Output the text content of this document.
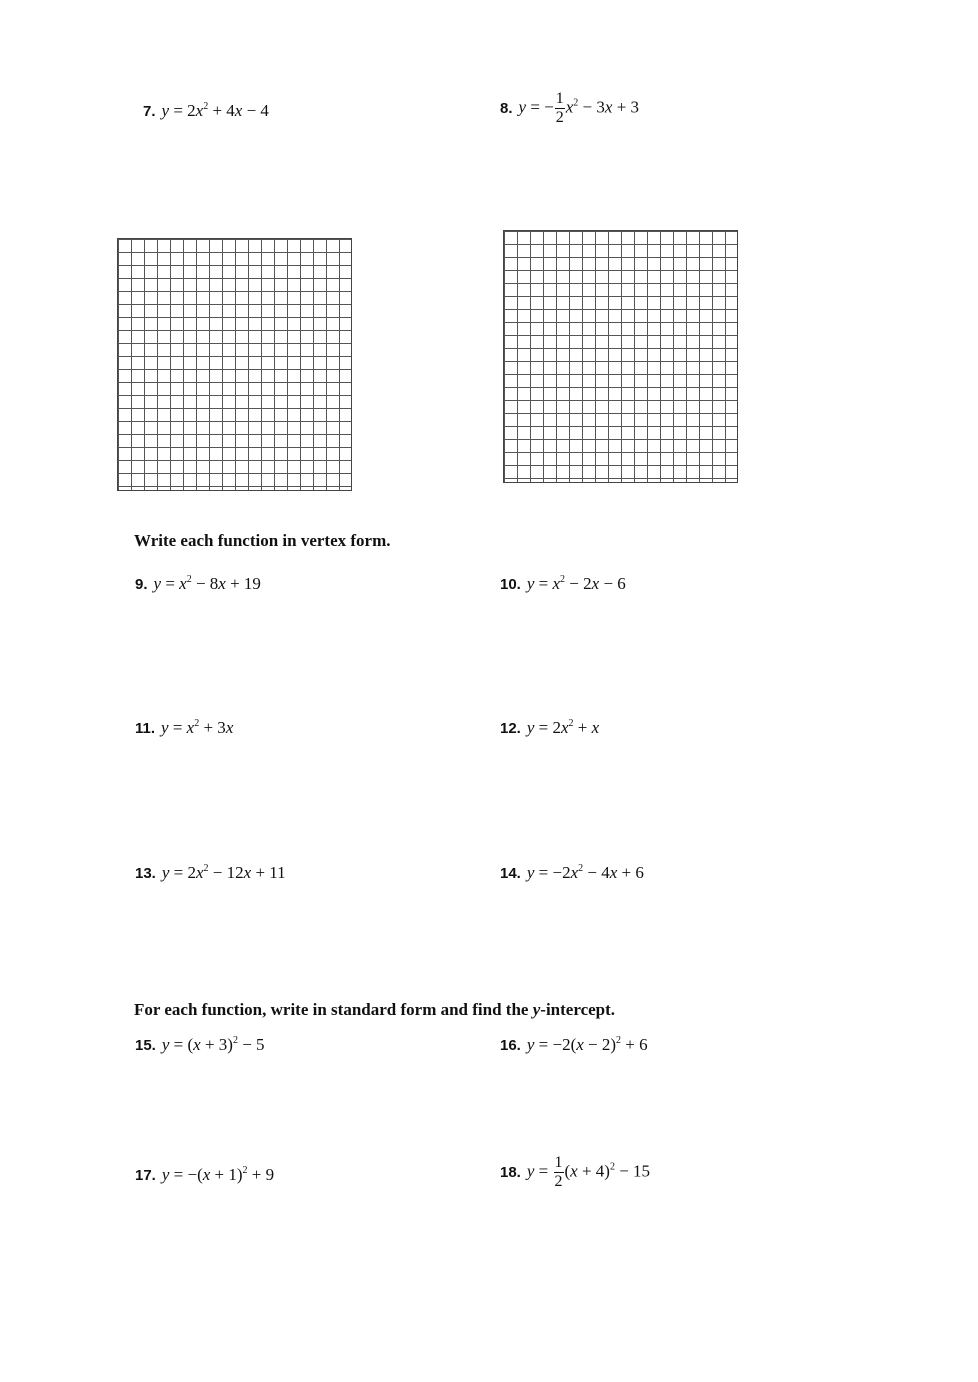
7. $y = 2x^2 + 4x - 4$	8. y = − $\frac{1}{2} x^2 - 3x + 3$
Write each function in vertex form.
9. $y = x^2 - 8x + 19$	10. $y = x^2 - 2x - 6$
11. $y = x^2 + 3x$	12. $y = 2x^2 + x$
13. $y = 2x^2 - 12x + 11$	14. $y = -2x^2 - 4x + 6$
For each function, write in standard form and find the y-intercept.
15. $y = (x + 3)^2 - 5$	16. $y = -2(x - 2)^2 + 6$
17. $y = -(x + 1)^2 + 9$	18. $y = \frac{1}{2} (x + 4)^2 - 15$
